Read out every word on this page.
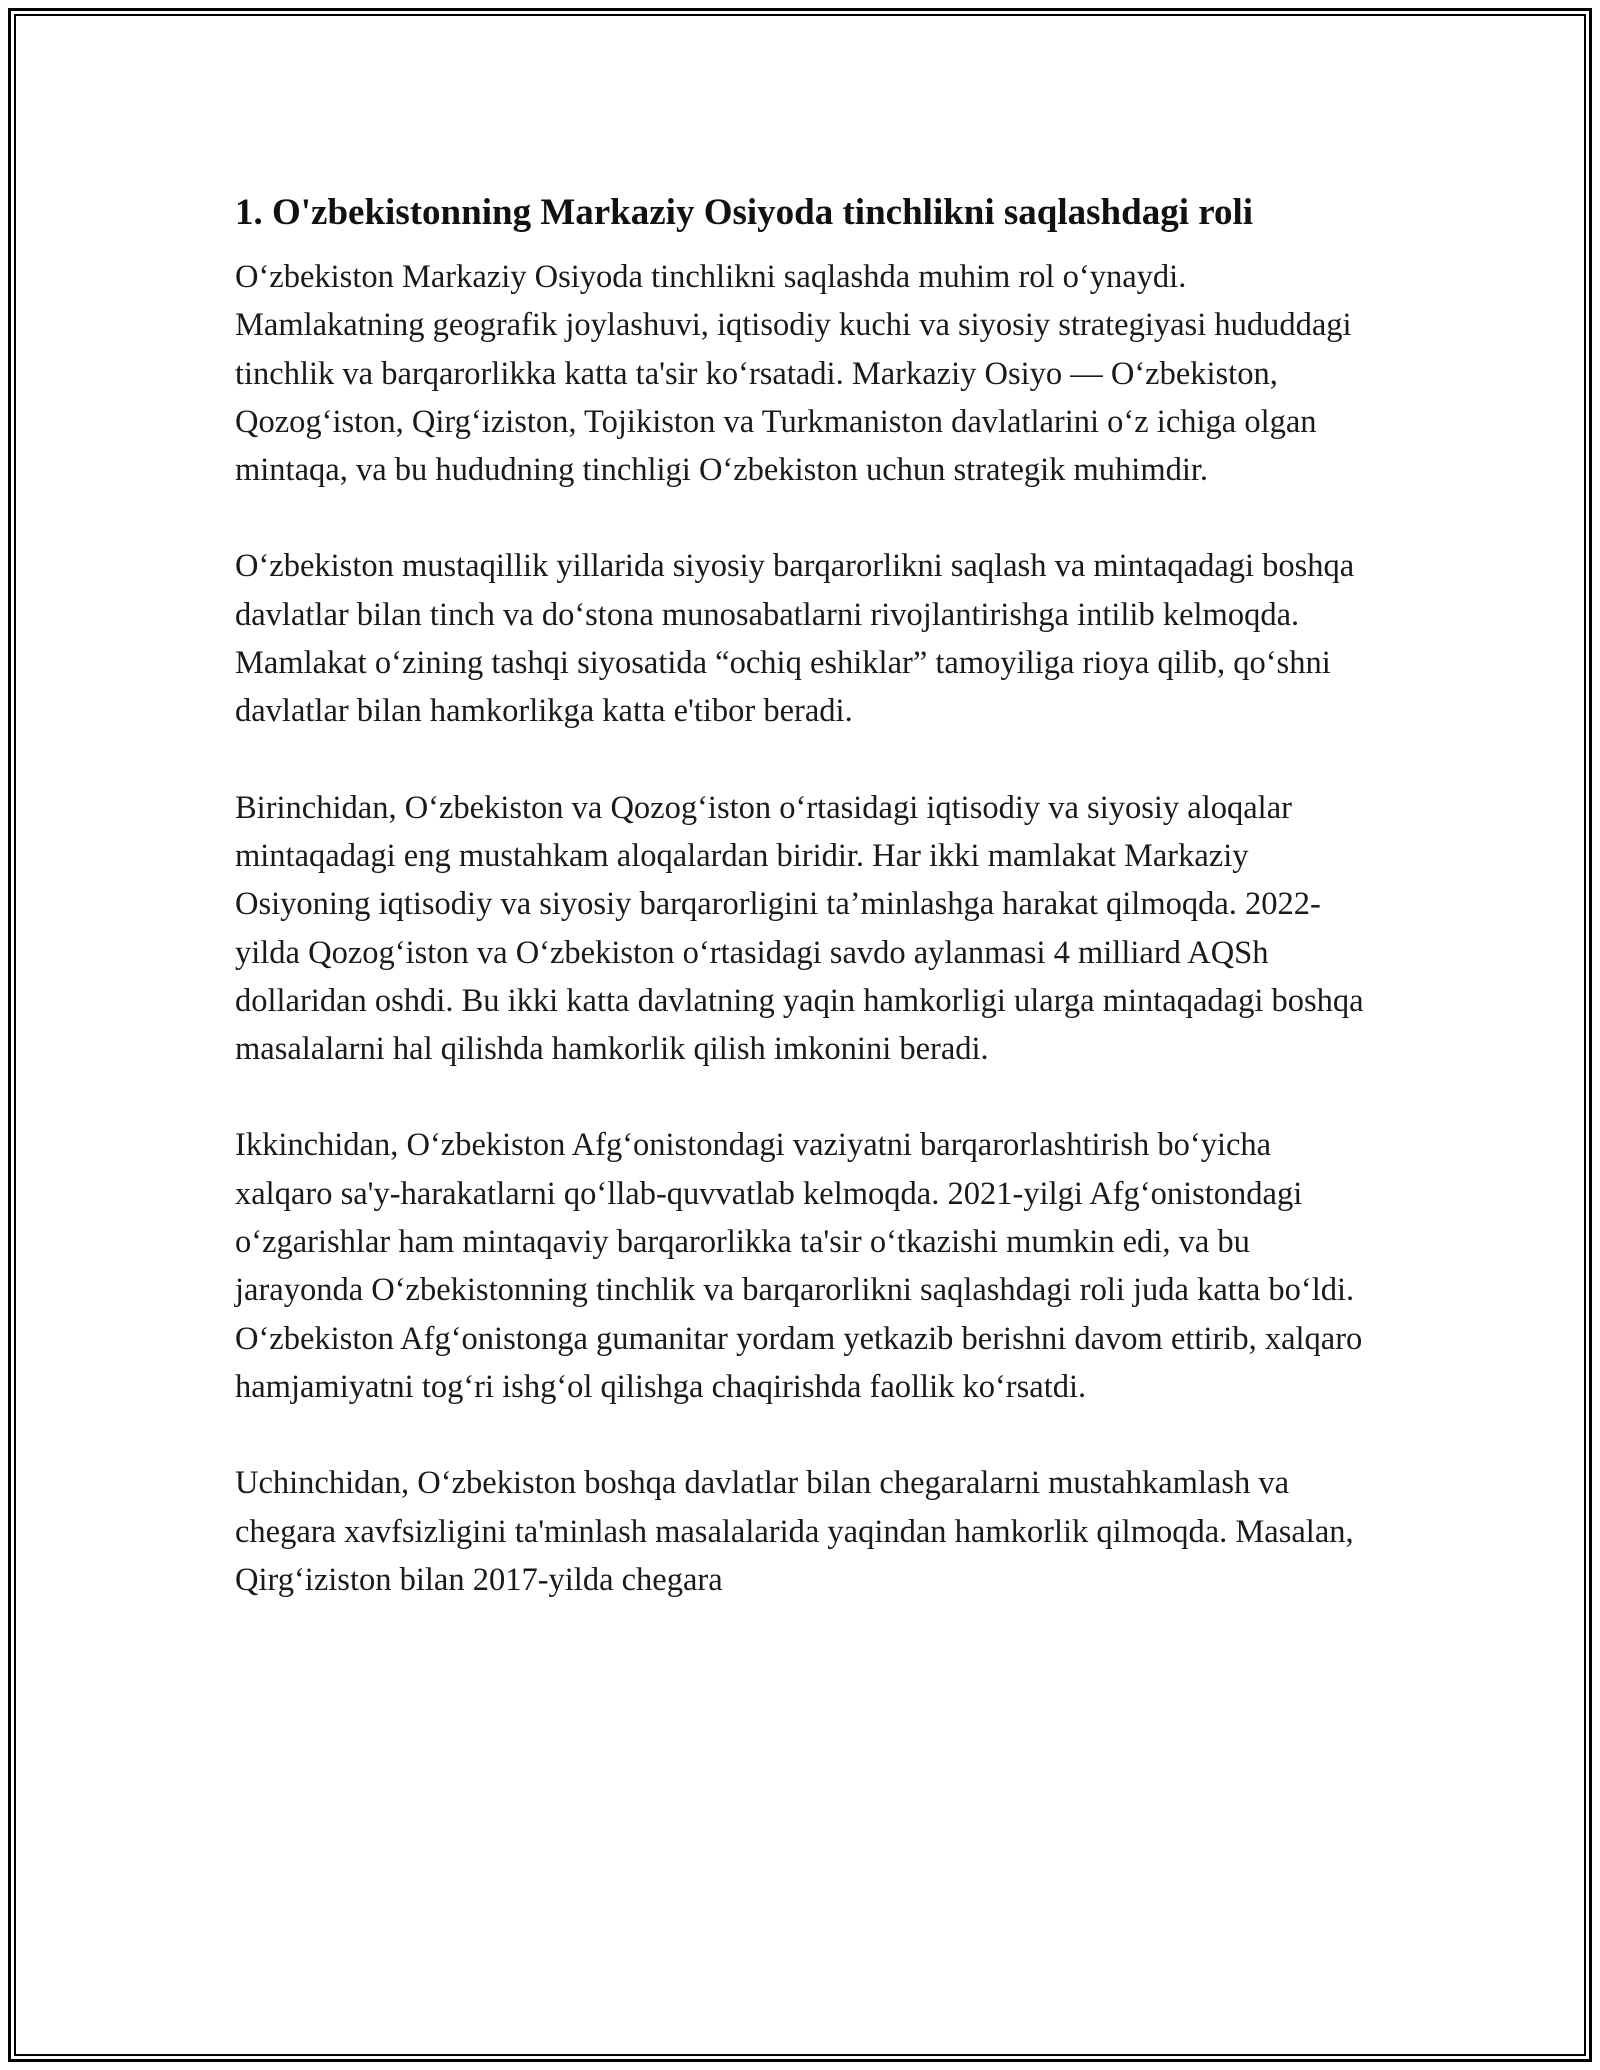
1. O'zbekistonning Markaziy Osiyoda tinchlikni saqlashdagi roli

O‘zbekiston Markaziy Osiyoda tinchlikni saqlashda muhim rol o‘ynaydi. Mamlakatning geografik joylashuvi, iqtisodiy kuchi va siyosiy strategiyasi hududdagi tinchlik va barqarorlikka katta ta'sir ko‘rsatadi. Markaziy Osiyo — O‘zbekiston, Qozog‘iston, Qirg‘iziston, Tojikiston va Turkmaniston davlatlarini o‘z ichiga olgan mintaqa, va bu hududning tinchligi O‘zbekiston uchun strategik muhimdir.

O‘zbekiston mustaqillik yillarida siyosiy barqarorlikni saqlash va mintaqadagi boshqa davlatlar bilan tinch va do‘stona munosabatlarni rivojlantirishga intilib kelmoqda. Mamlakat o‘zining tashqi siyosatida “ochiq eshiklar” tamoyiliga rioya qilib, qo‘shni davlatlar bilan hamkorlikga katta e'tibor beradi.

Birinchidan, O‘zbekiston va Qozog‘iston o‘rtasidagi iqtisodiy va siyosiy aloqalar mintaqadagi eng mustahkam aloqalardan biridir. Har ikki mamlakat Markaziy Osiyoning iqtisodiy va siyosiy barqarorligini ta’minlashga harakat qilmoqda. 2022-yilda Qozog‘iston va O‘zbekiston o‘rtasidagi savdo aylanmasi 4 milliard AQSh dollaridan oshdi. Bu ikki katta davlatning yaqin hamkorligi ularga mintaqadagi boshqa masalalarni hal qilishda hamkorlik qilish imkonini beradi.

Ikkinchidan, O‘zbekiston Afg‘onistondagi vaziyatni barqarorlashtirish bo‘yicha xalqaro sa'y-harakatlarni qo‘llab-quvvatlab kelmoqda. 2021-yilgi Afg‘onistondagi o‘zgarishlar ham mintaqaviy barqarorlikka ta'sir o‘tkazishi mumkin edi, va bu jarayonda O‘zbekistonning tinchlik va barqarorlikni saqlashdagi roli juda katta bo‘ldi. O‘zbekiston Afg‘onistonga gumanitar yordam yetkazib berishni davom ettirib, xalqaro hamjamiyatni tog‘ri ishg‘ol qilishga chaqirishda faollik ko‘rsatdi.

Uchinchidan, O‘zbekiston boshqa davlatlar bilan chegaralarni mustahkamlash va chegara xavfsizligini ta'minlash masalalarida yaqindan hamkorlik qilmoqda. Masalan, Qirg‘iziston bilan 2017-yilda chegara
